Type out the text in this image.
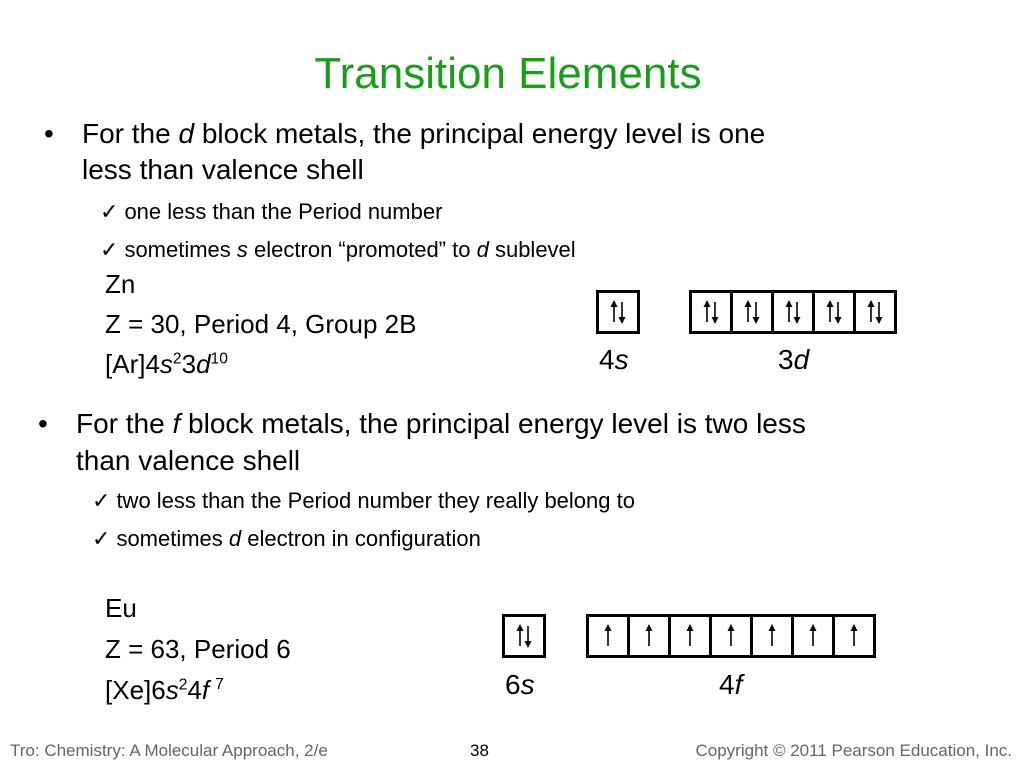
Transition Elements
• For the d block metals, the principal energy level is one
less than valence shell
✓ one less than the Period number
✓ sometimes s electron “promoted” to d sublevel
Zn
Z = 30, Period 4, Group 2B
$[Ar]4s^23d^{10}$	4s	3d
• For the f block metals, the principal energy level is two less
than valence shell
✓ two less than the Period number they really belong to
✓ sometimes d electron in configuration
Eu
Z = 63, Period 6
$[Xe]6s^24f$ $^7$	6s	4f
Tro: Chemistry: A Molecular Approach, 2/e	38	Copyright © 2011 Pearson Education, Inc.
